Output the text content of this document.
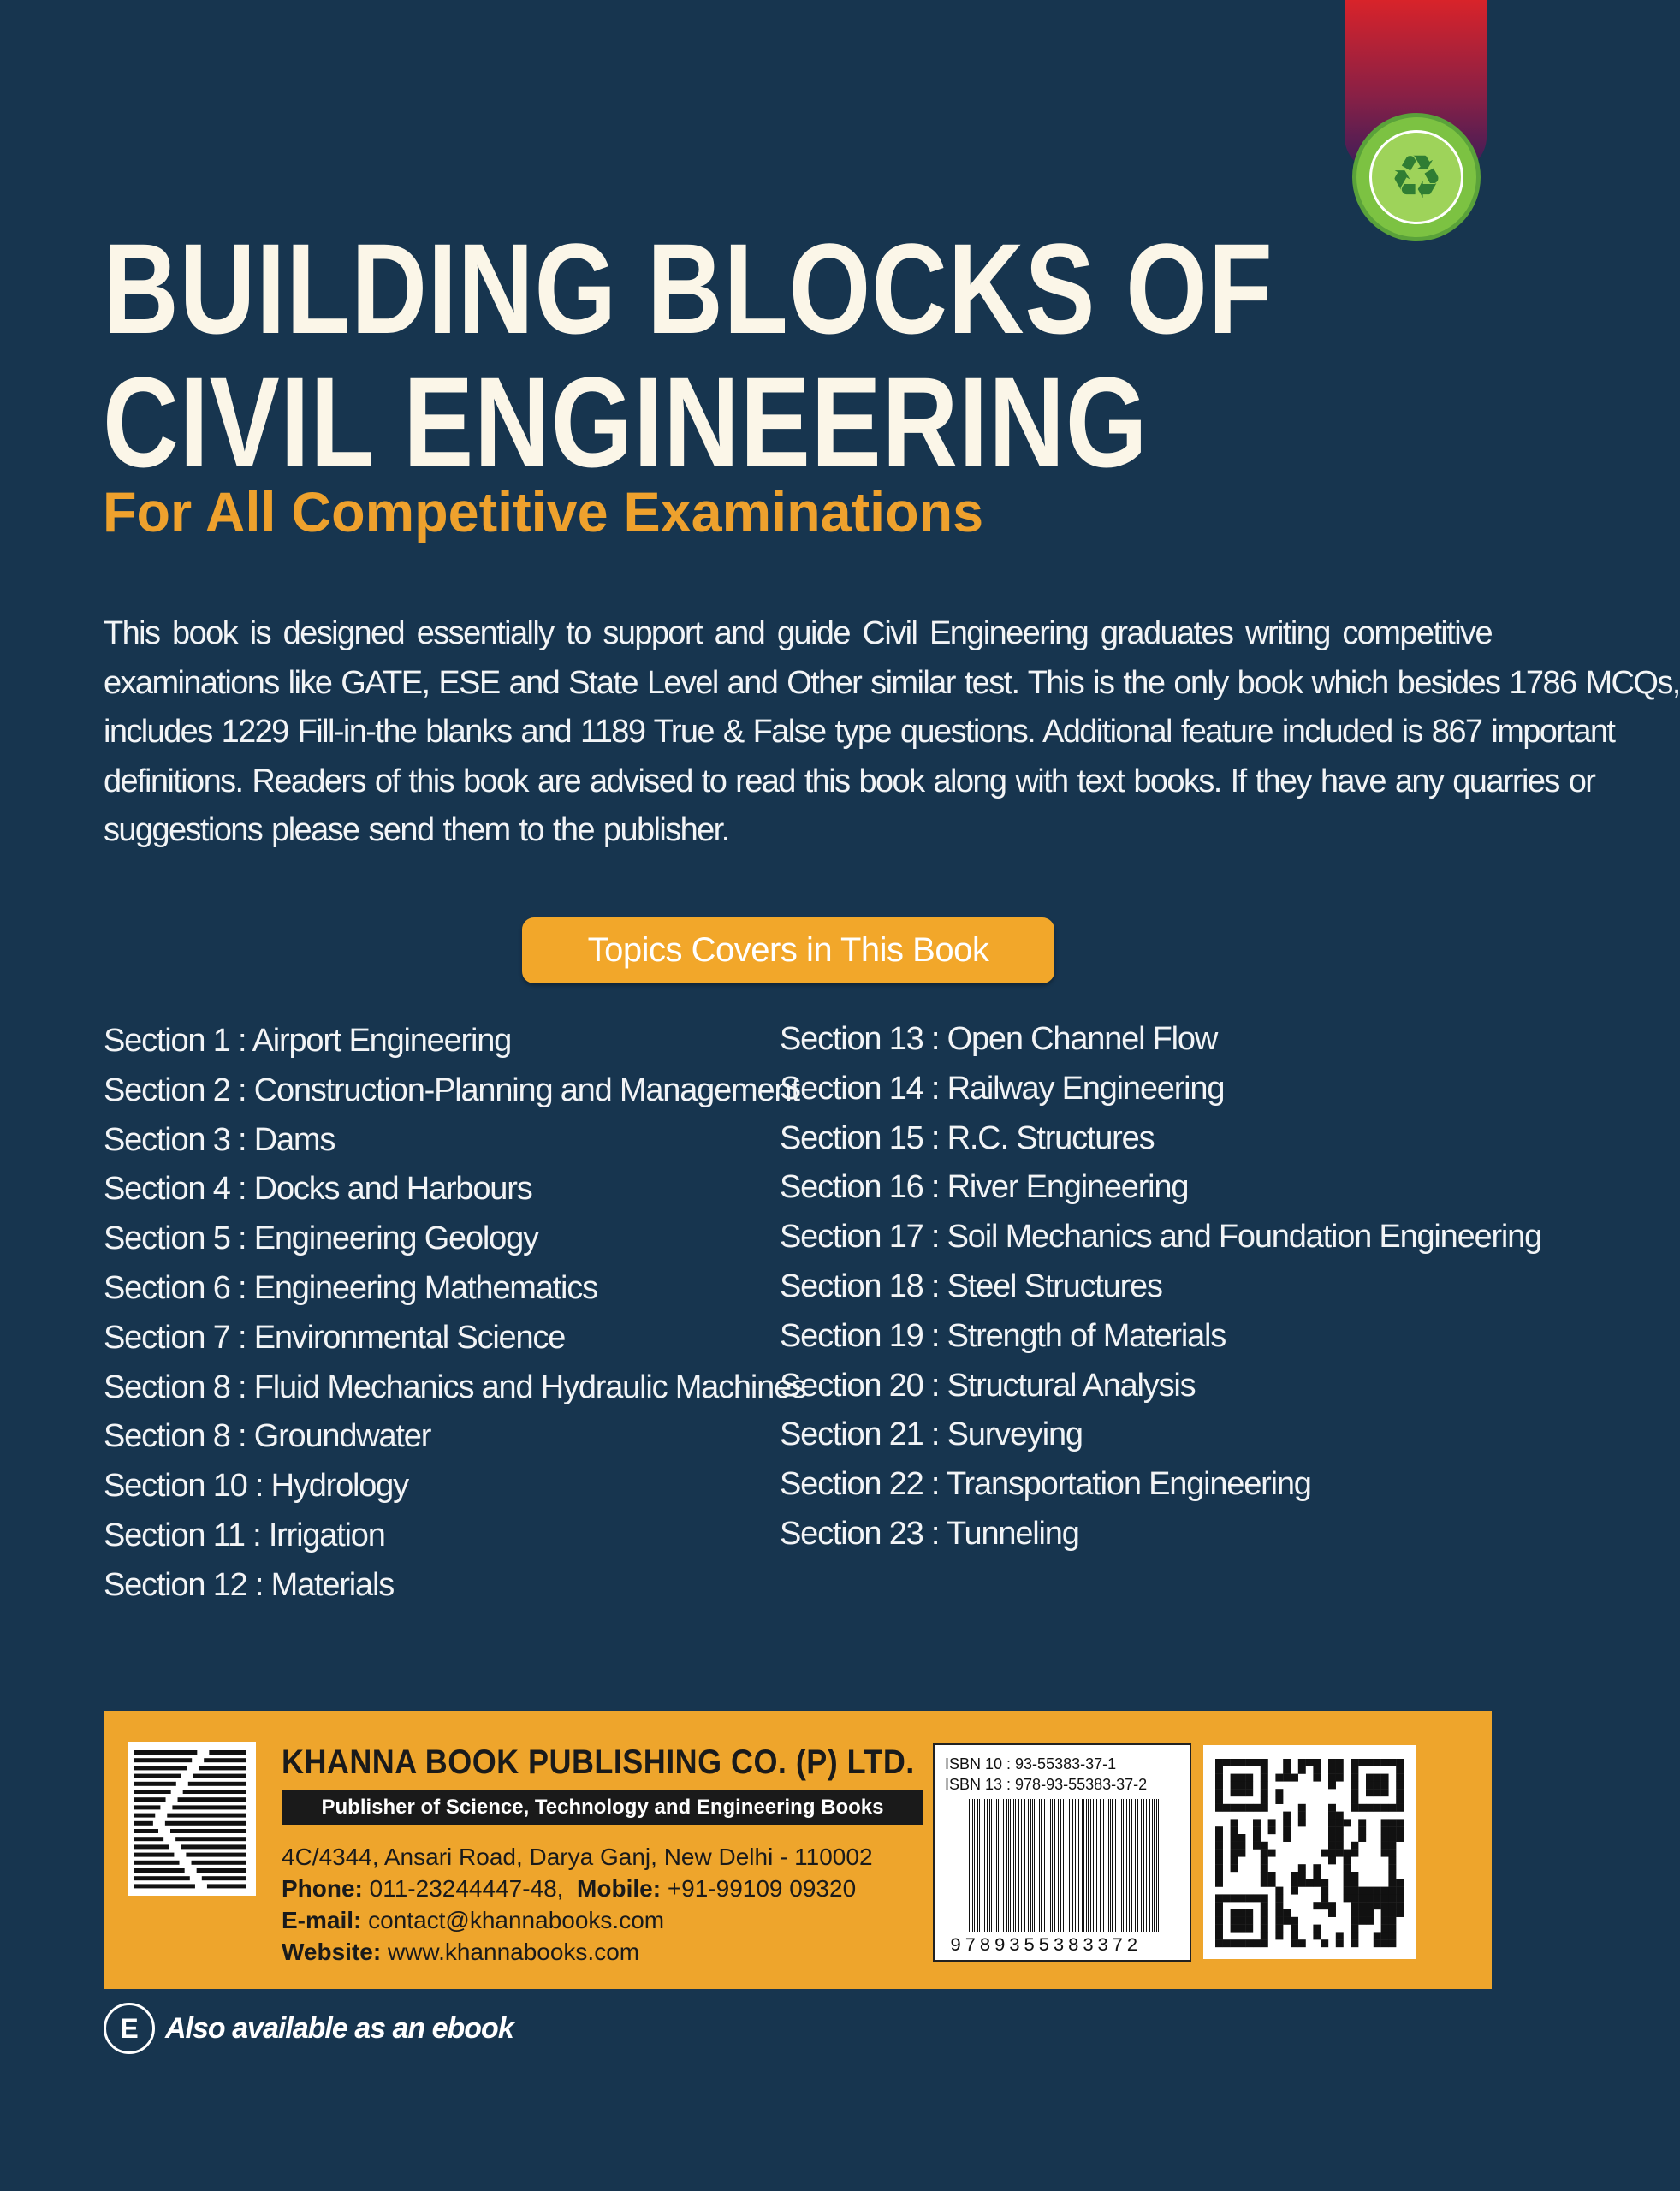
♻
BUILDING BLOCKS OF
CIVIL ENGINEERING
For All Competitive Examinations
This book is designed essentially to support and guide Civil Engineering graduates writing competitive
examinations like GATE, ESE and State Level and Other similar test. This is the only book which besides 1786 MCQs,
includes 1229 Fill-in-the blanks and 1189 True & False type questions. Additional feature included is 867 important
definitions. Readers of this book are advised to read this book along with text books. If they have any quarries or
suggestions please send them to the publisher.
Topics Covers in This Book
Section 1 : Airport Engineering
Section 2 : Construction-Planning and Management
Section 3 : Dams
Section 4 : Docks and Harbours
Section 5 : Engineering Geology
Section 6 : Engineering Mathematics
Section 7 : Environmental Science
Section 8 : Fluid Mechanics and Hydraulic Machines
Section 8 : Groundwater
Section 10 : Hydrology
Section 11 : Irrigation
Section 12 : Materials
Section 13 : Open Channel Flow
Section 14 : Railway Engineering
Section 15 : R.C. Structures
Section 16 : River Engineering
Section 17 : Soil Mechanics and Foundation Engineering
Section 18 : Steel Structures
Section 19 : Strength of Materials
Section 20 : Structural Analysis
Section 21 : Surveying
Section 22 : Transportation Engineering
Section 23 : Tunneling
KHANNA BOOK PUBLISHING CO. (P) LTD.
Publisher of Science, Technology and Engineering Books
4C/4344, Ansari Road, Darya Ganj, New Delhi - 110002
Phone: 011-23244447-48, Mobile: +91-99109 09320
E-mail: contact@khannabooks.com
Website: www.khannabooks.com
ISBN 10 : 93-55383-37-1
ISBN 13 : 978-93-55383-37-2
9789355383372
E Also available as an ebook
